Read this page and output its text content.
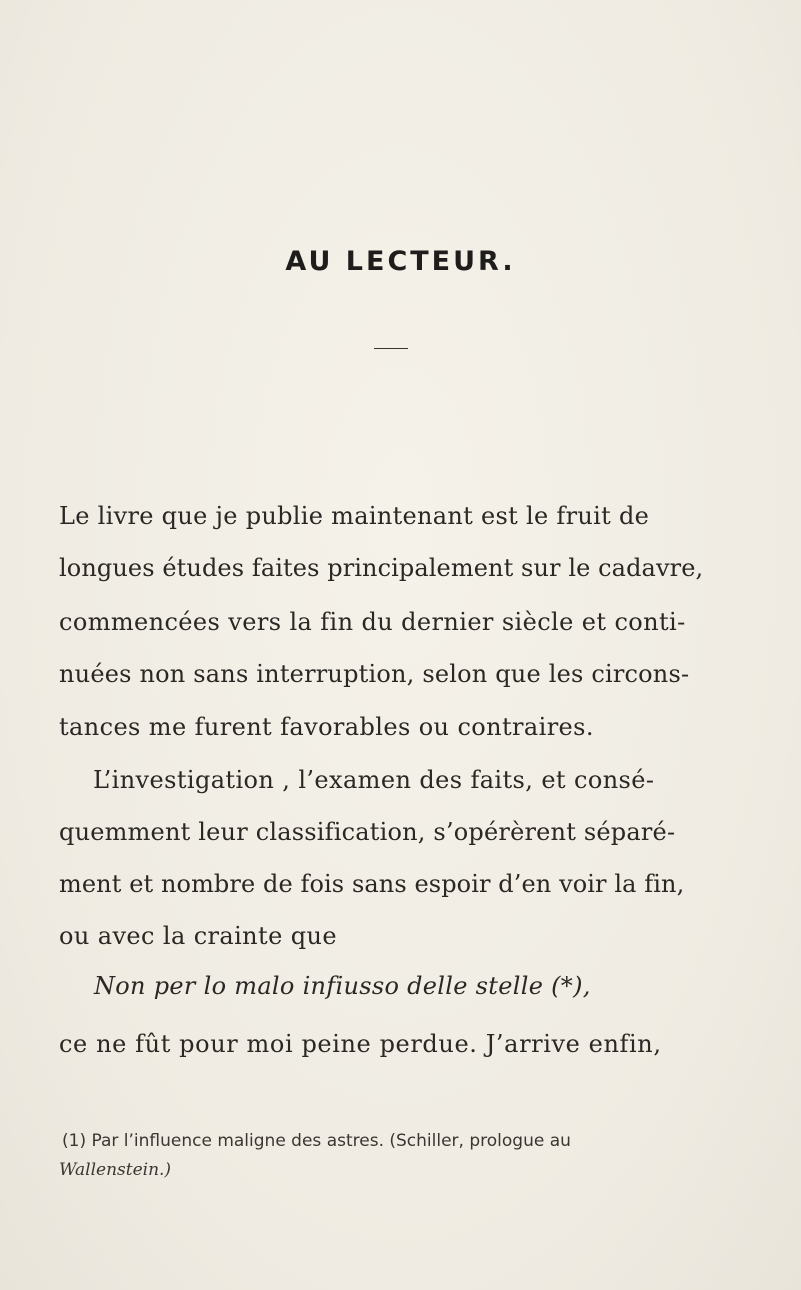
AU LECTEUR.
Le livre que je publie maintenant est le fruit de
longues études faites principalement sur le cadavre,
commencées vers la fin du dernier siècle et conti-
nuées non sans interruption, selon que les circons-
tances me furent favorables ou contraires.
L’investigation , l’examen des faits, et consé-
quemment leur classification, s’opérèrent séparé-
ment et nombre de fois sans espoir d’en voir la fin,
ou avec la crainte que
Non per lo malo infiusso delle stelle (*),
ce ne fût pour moi peine perdue. J’arrive enfin,
(1) Par l’influence maligne des astres. (Schiller, prologue au
Wallenstein.)
